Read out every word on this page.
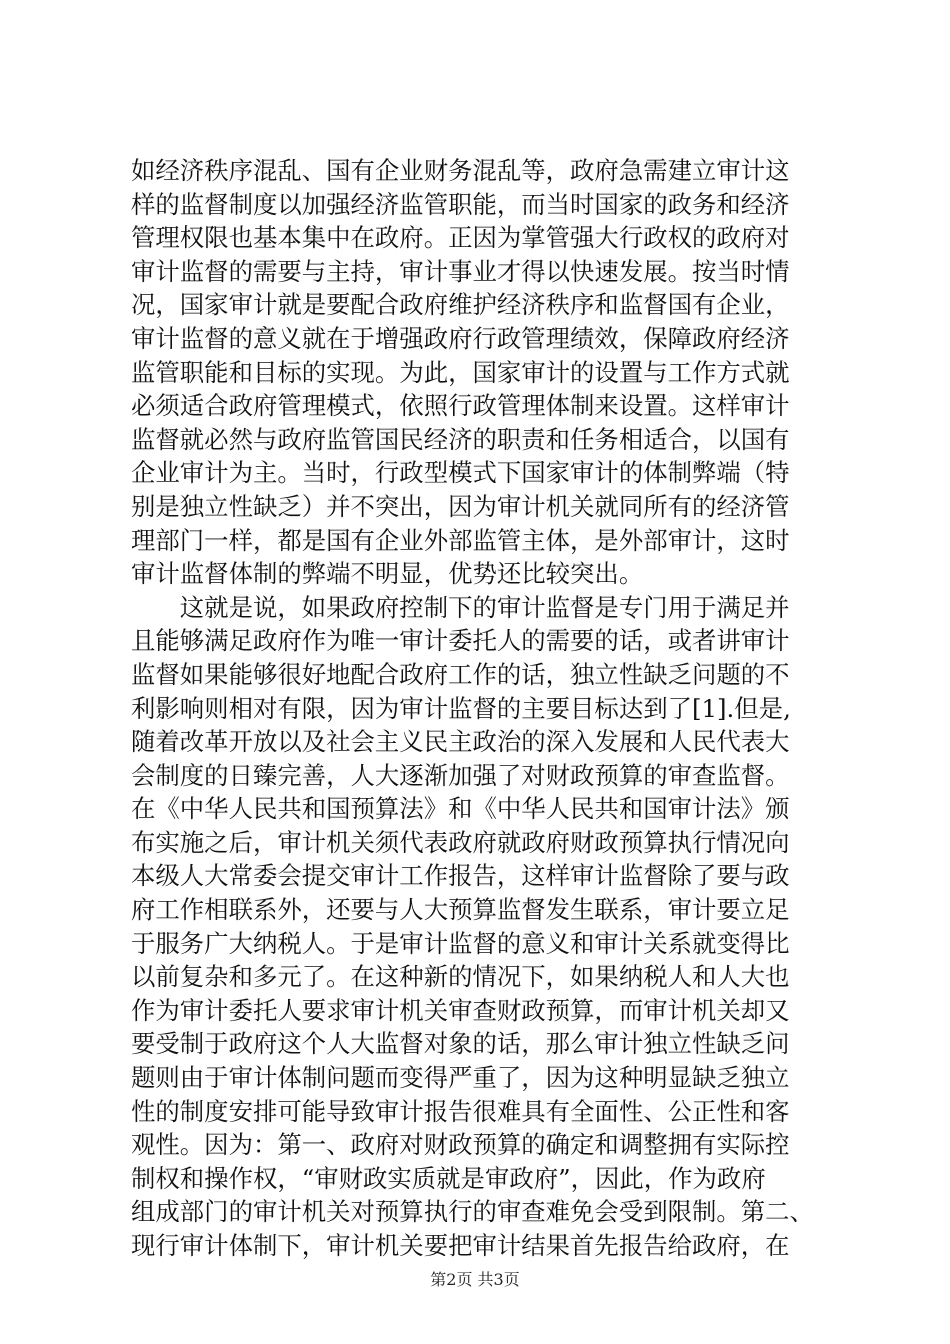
如经济秩序混乱、国有企业财务混乱等，政府急需建立审计这
样的监督制度以加强经济监管职能，而当时国家的政务和经济
管理权限也基本集中在政府。正因为掌管强大行政权的政府对
审计监督的需要与主持，审计事业才得以快速发展。按当时情
况，国家审计就是要配合政府维护经济秩序和监督国有企业，
审计监督的意义就在于增强政府行政管理绩效，保障政府经济
监管职能和目标的实现。为此，国家审计的设置与工作方式就
必须适合政府管理模式，依照行政管理体制来设置。这样审计
监督就必然与政府监管国民经济的职责和任务相适合，以国有
企业审计为主。当时，行政型模式下国家审计的体制弊端（特
别是独立性缺乏）并不突出，因为审计机关就同所有的经济管
理部门一样，都是国有企业外部监管主体，是外部审计，这时
审计监督体制的弊端不明显，优势还比较突出。
　　这就是说，如果政府控制下的审计监督是专门用于满足并
且能够满足政府作为唯一审计委托人的需要的话，或者讲审计
监督如果能够很好地配合政府工作的话，独立性缺乏问题的不
利影响则相对有限，因为审计监督的主要目标达到了[1].但是,
随着改革开放以及社会主义民主政治的深入发展和人民代表大
会制度的日臻完善，人大逐渐加强了对财政预算的审查监督。
在《中华人民共和国预算法》和《中华人民共和国审计法》颁
布实施之后，审计机关须代表政府就政府财政预算执行情况向
本级人大常委会提交审计工作报告，这样审计监督除了要与政
府工作相联系外，还要与人大预算监督发生联系，审计要立足
于服务广大纳税人。于是审计监督的意义和审计关系就变得比
以前复杂和多元了。在这种新的情况下，如果纳税人和人大也
作为审计委托人要求审计机关审查财政预算，而审计机关却又
要受制于政府这个人大监督对象的话，那么审计独立性缺乏问
题则由于审计体制问题而变得严重了，因为这种明显缺乏独立
性的制度安排可能导致审计报告很难具有全面性、公正性和客
观性。因为：第一、政府对财政预算的确定和调整拥有实际控
制权和操作权，“审财政实质就是审政府”，因此，作为政府
组成部门的审计机关对预算执行的审查难免会受到限制。第二、
现行审计体制下，审计机关要把审计结果首先报告给政府，在
第2页 共3页
